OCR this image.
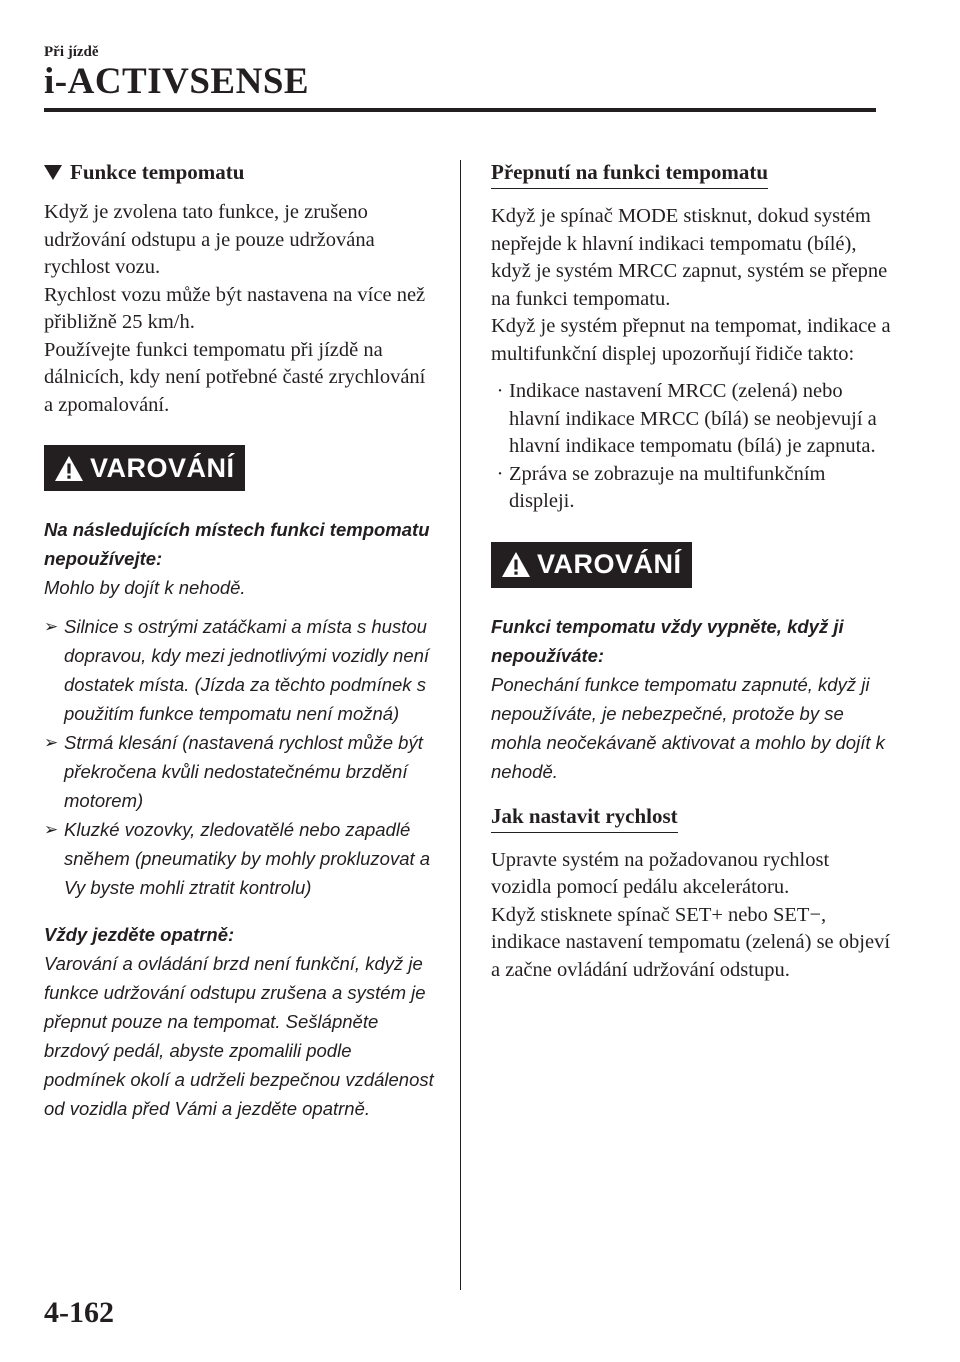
Při jízdě
i-ACTIVSENSE
Funkce tempomatu

Když je zvolena tato funkce, je zrušeno udržování odstupu a je pouze udržována rychlost vozu.

Rychlost vozu může být nastavena na více než přibližně 25 km/h.

Používejte funkci tempomatu při jízdě na dálnicích, kdy není potřebné časté zrychlování a zpomalování.

VAROVÁNÍ
Na následujících místech funkci tempomatu nepoužívejte:
Mohlo by dojít k nehodě.
➢ Silnice s ostrými zatáčkami a místa s hustou dopravou, kdy mezi jednotlivými vozidly není dostatek místa. (Jízda za těchto podmínek s použitím funkce tempomatu není možná)
➢ Strmá klesání (nastavená rychlost může být překročena kvůli nedostatečnému brzdění motorem)
➢ Kluzké vozovky, zledovatělé nebo zapadlé sněhem (pneumatiky by mohly prokluzovat a Vy byste mohli ztratit kontrolu)
Vždy jezděte opatrně:
Varování a ovládání brzd není funkční, když je funkce udržování odstupu zrušena a systém je přepnut pouze na tempomat. Sešlápněte brzdový pedál, abyste zpomalili podle podmínek okolí a udrželi bezpečnou vzdálenost od vozidla před Vámi a jezděte opatrně.
Přepnutí na funkci tempomatu

Když je spínač MODE stisknut, dokud systém nepřejde k hlavní indikaci tempomatu (bílé), když je systém MRCC zapnut, systém se přepne na funkci tempomatu.

Když je systém přepnut na tempomat, indikace a multifunkční displej upozorňují řidiče takto:

· Indikace nastavení MRCC (zelená) nebo hlavní indikace MRCC (bílá) se neobjevují a hlavní indikace tempomatu (bílá) je zapnuta.
· Zpráva se zobrazuje na multifunkčním displeji.
VAROVÁNÍ
Funkci tempomatu vždy vypněte, když ji nepoužíváte:
Ponechání funkce tempomatu zapnuté, když ji nepoužíváte, je nebezpečné, protože by se mohla neočekávaně aktivovat a mohlo by dojít k nehodě.
Jak nastavit rychlost

Upravte systém na požadovanou rychlost vozidla pomocí pedálu akcelerátoru.

Když stisknete spínač SET+ nebo SET−, indikace nastavení tempomatu (zelená) se objeví a začne ovládání udržování odstupu.

4-162
